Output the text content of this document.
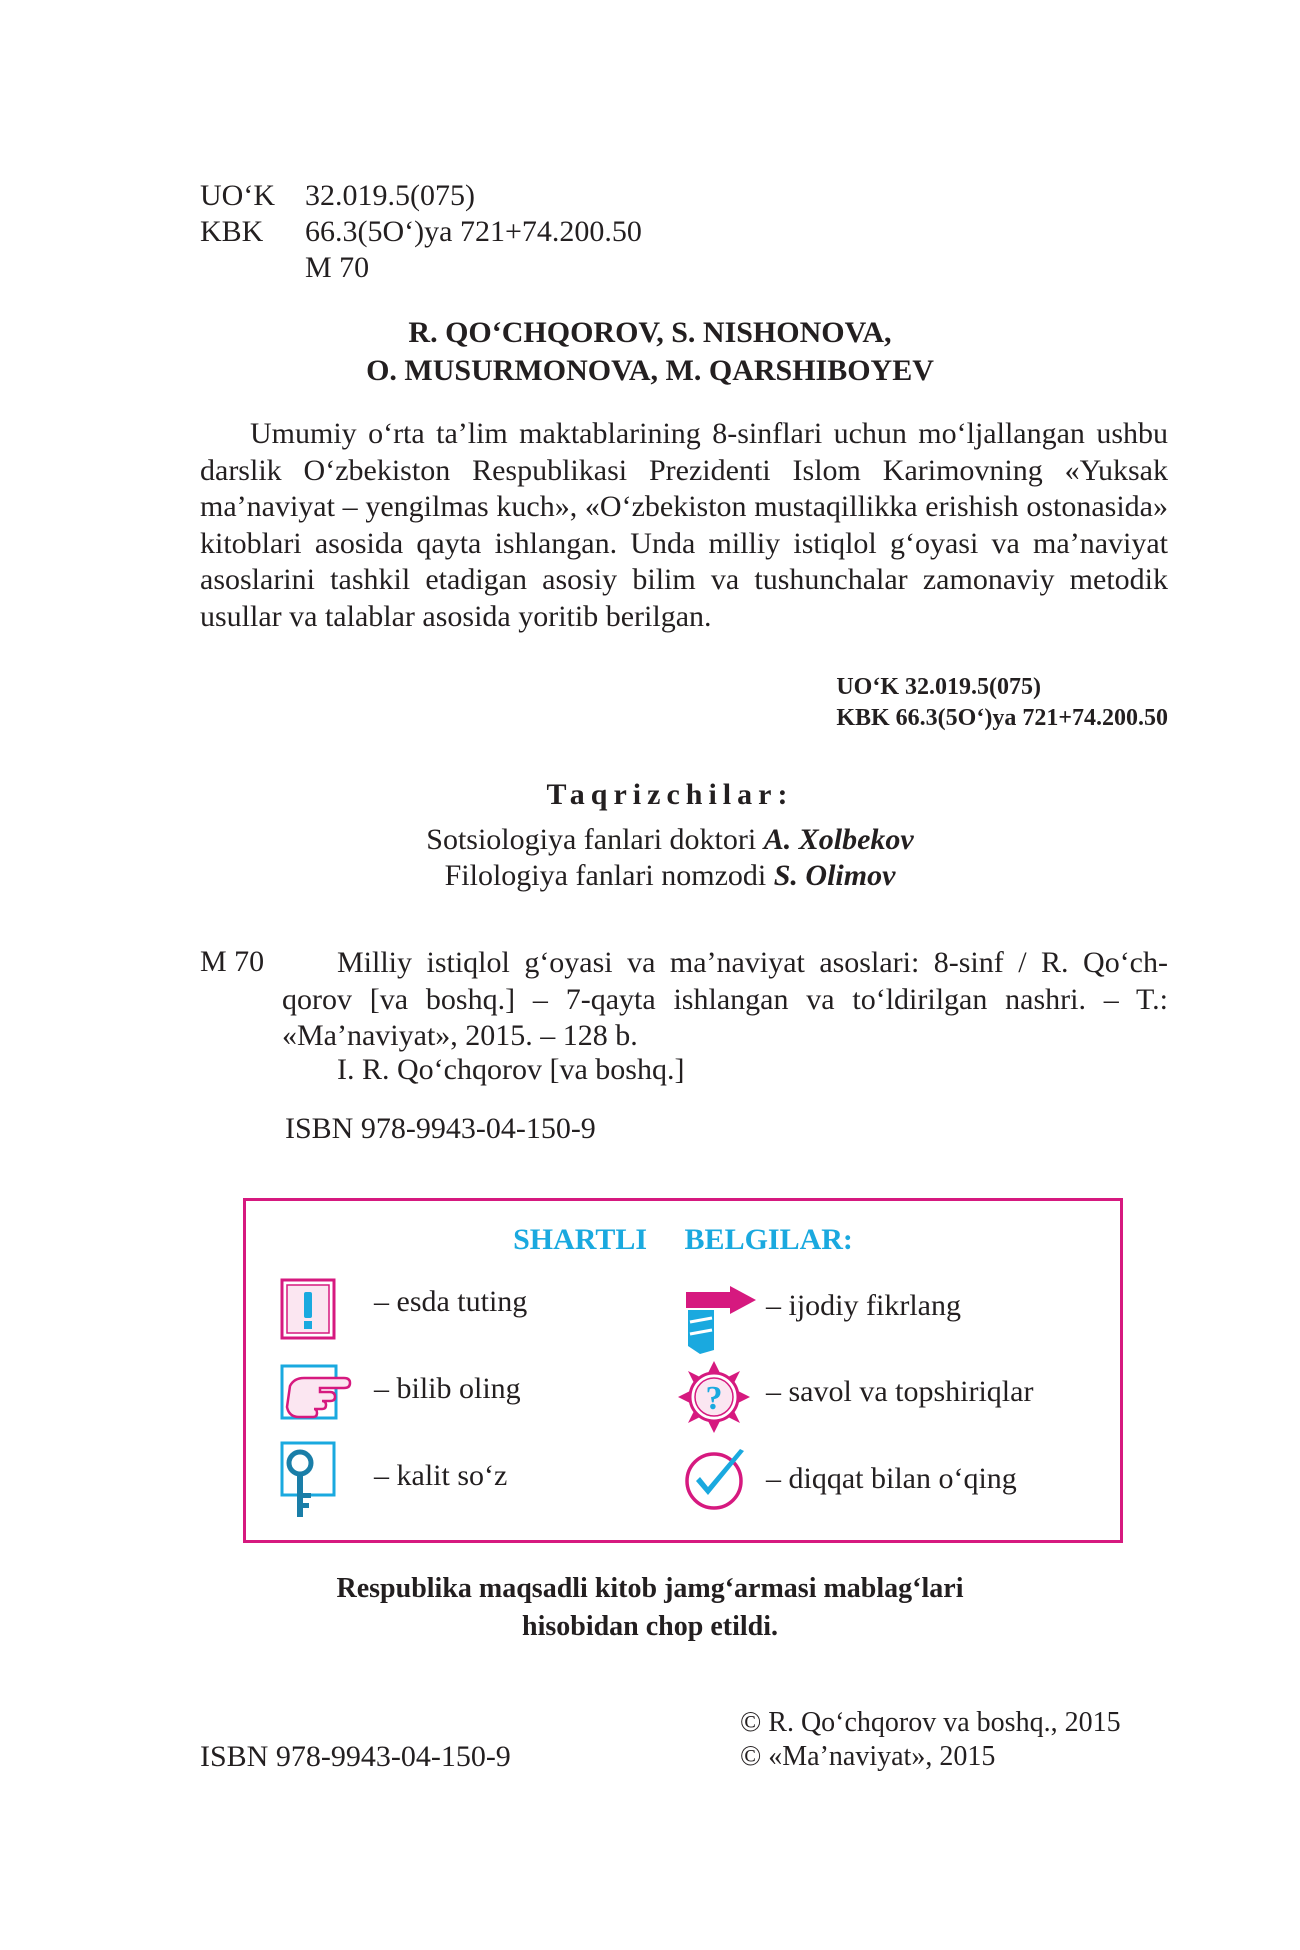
UO‘K 32.019.5(075)
KBK 66.3(5O‘)ya 721+74.200.50
M 70
R. QO‘CHQOROV, S. NISHONOVA,
O. MUSURMONOVA, M. QARSHIBOYEV
Umumiy o‘rta ta’lim maktablarining 8-sinflari uchun mo‘ljallangan ushbu darslik O‘zbekiston Respublikasi Prezidenti Islom Karimovning «Yuksak ma’naviyat – yengilmas kuch», «O‘zbekiston mustaqillikka erishish ostonasida» kitoblari asosida qayta ishlangan. Unda milliy istiqlol g‘oyasi va ma’naviyat asoslarini tashkil etadigan asosiy bilim va tushunchalar zamonaviy metodik usullar va talablar asosida yoritib berilgan.
UO‘K 32.019.5(075)
KBK 66.3(5O‘)ya 721+74.200.50
Taqrizchilar:
Sotsiologiya fanlari doktori A. Xolbekov
Filologiya fanlari nomzodi S. Olimov
M 70	Milliy istiqlol g‘oyasi va ma’naviyat asoslari: 8-sinf / R. Qo‘ch-qorov [va boshq.] – 7-qayta ishlangan va to‘ldirilgan nashri. – T.: «Ma’naviyat», 2015. – 128 b.
I. R. Qo‘chqorov [va boshq.]
ISBN 978-9943-04-150-9
SHARTLI BELGILAR:
– esda tuting
– bilib oling
– kalit so‘z
– ijodiy fikrlang
? – savol va topshiriqlar
– diqqat bilan o‘qing
Respublika maqsadli kitob jamg‘armasi mablag‘lari
hisobidan chop etildi.
ISBN 978-9943-04-150-9
© R. Qo‘chqorov va boshq., 2015
© «Ma’naviyat», 2015
